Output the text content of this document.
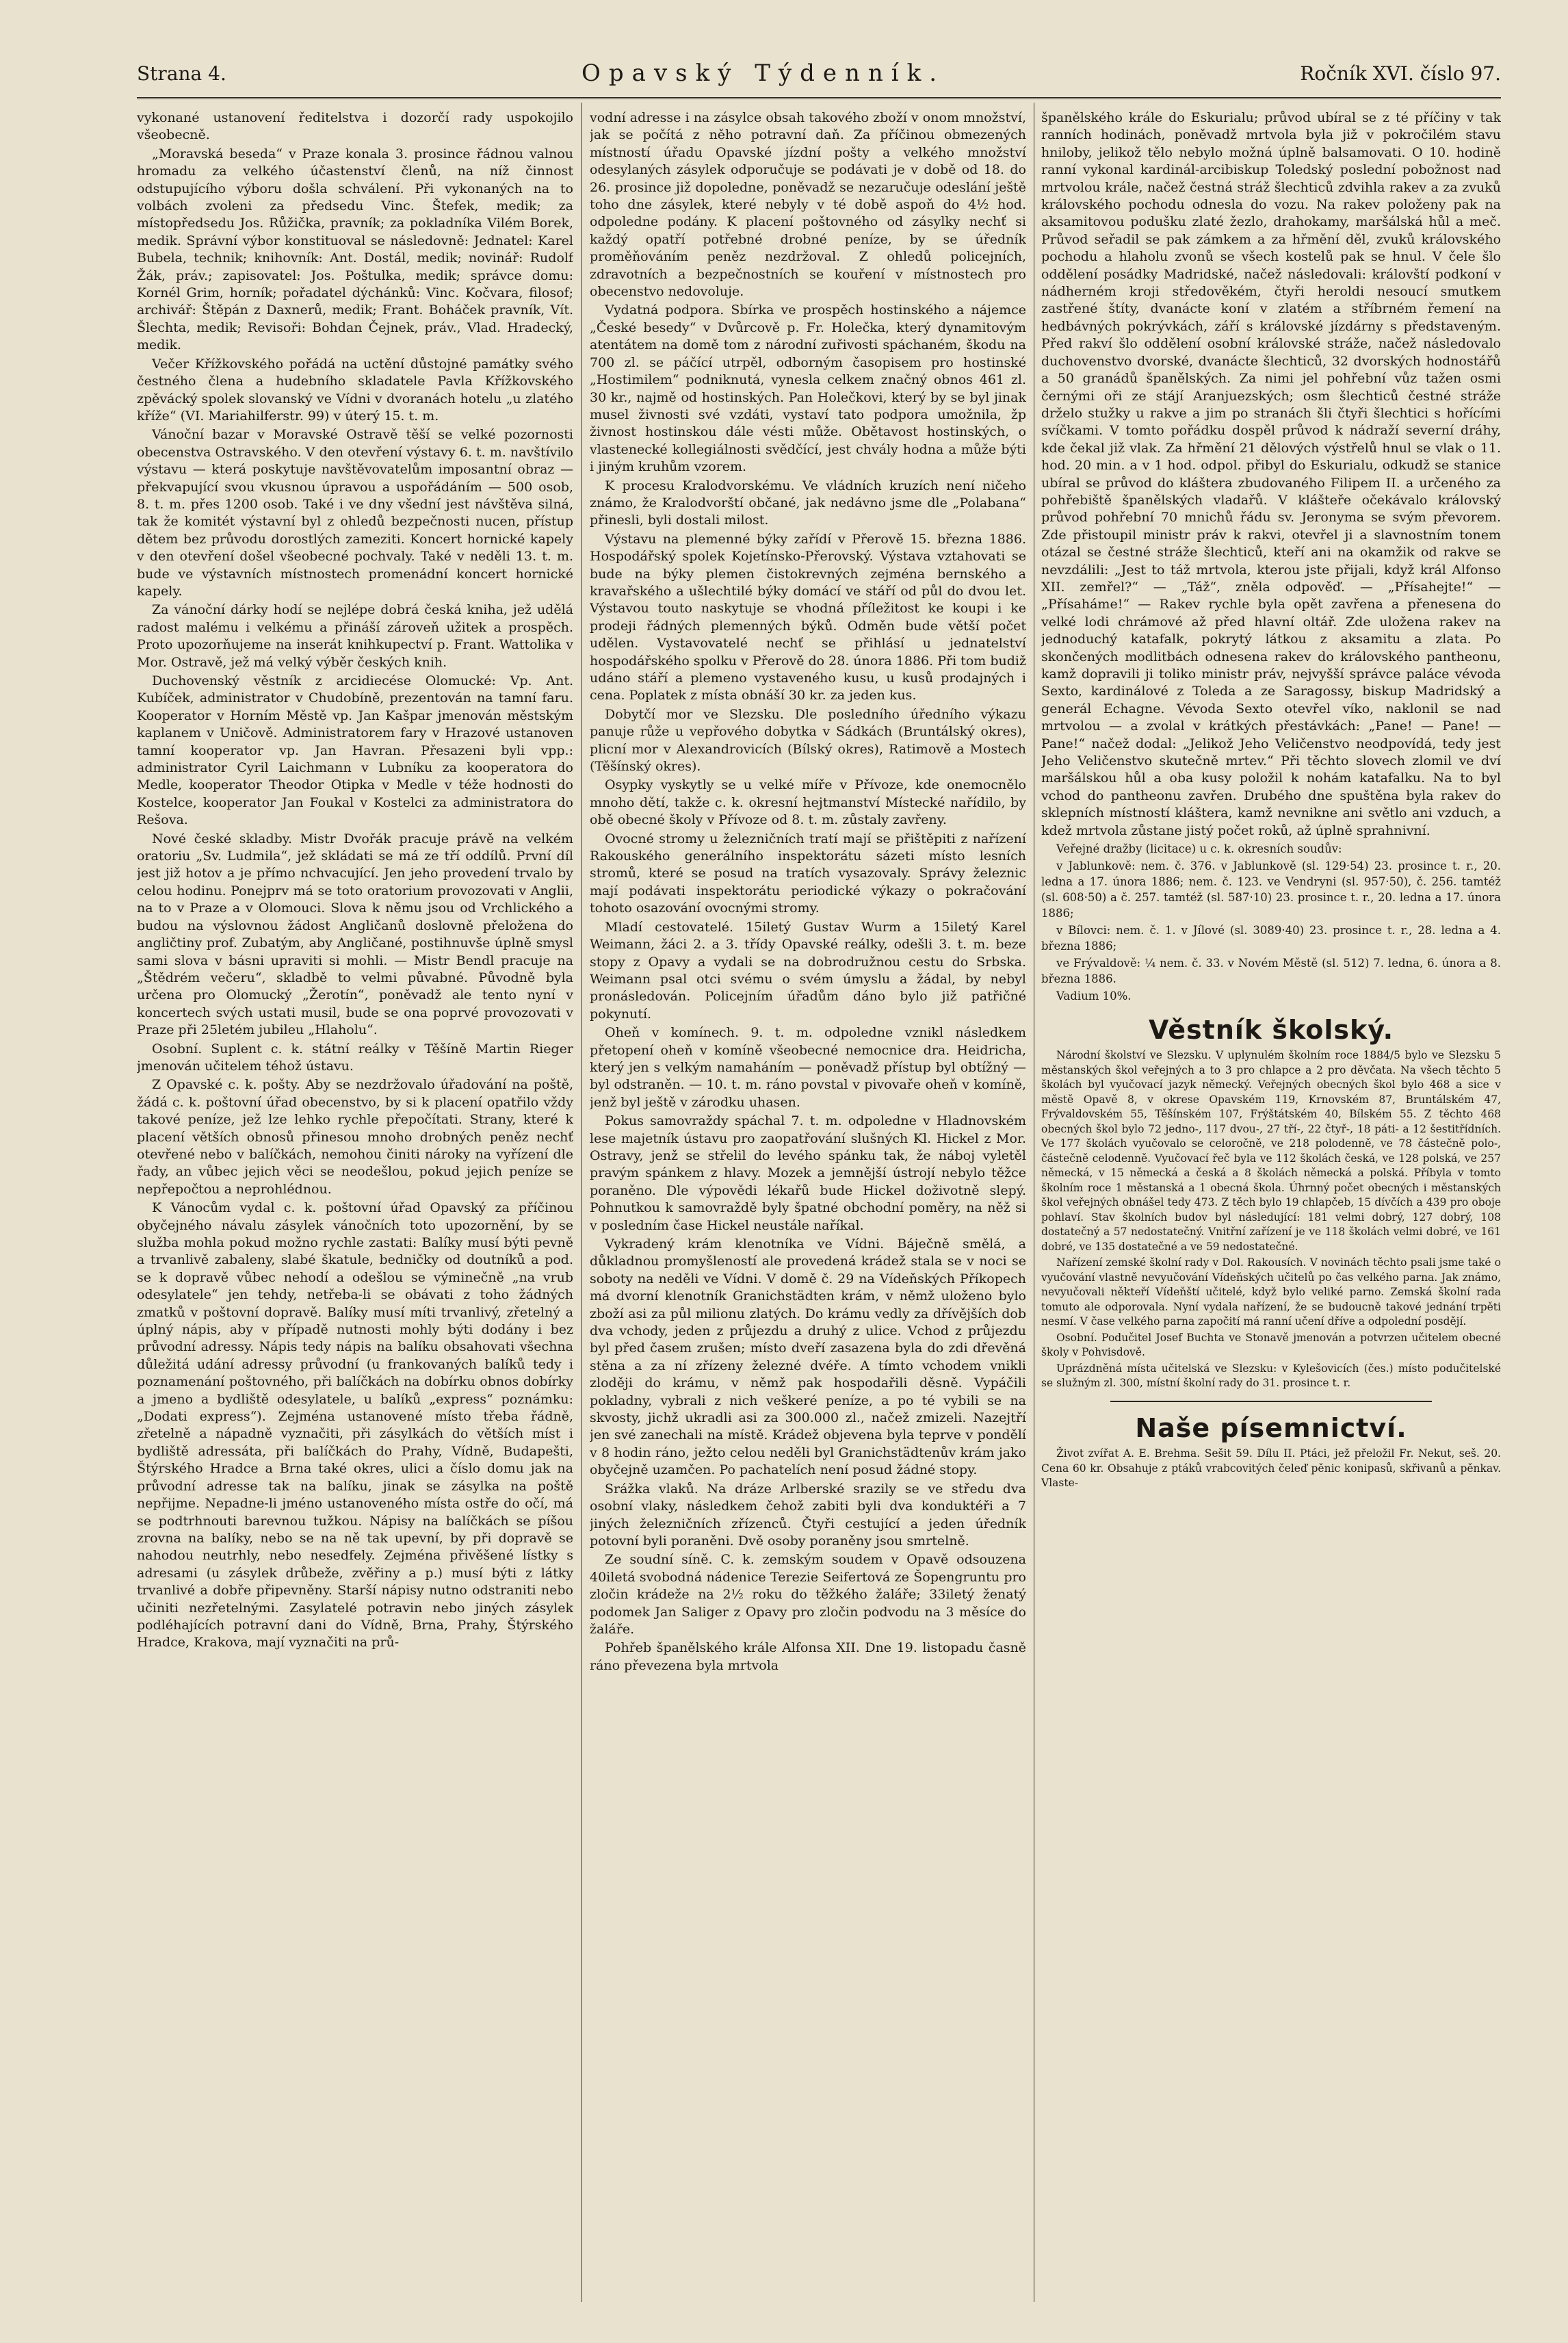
Strana 4.	Opavský Týdenník.	Ročník XVI. číslo 97.

vykonané ustanovení ředitelstva i dozorčí rady uspokojilo všeobecně.

„Moravská beseda“ v Praze konala 3. prosince řádnou valnou hromadu za velkého účastenství členů, na níž činnost odstupujícího výboru došla schválení. Při vykonaných na to volbách zvoleni za předsedu Vinc. Štefek, medik; za místopředsedu Jos. Růžička, pravník; za pokladníka Vilém Borek, medik. Správní výbor konstituoval se následovně: Jednatel: Karel Bubela, technik; knihovník: Ant. Dostál, medik; novinář: Rudolf Žák, práv.; zapisovatel: Jos. Poštulka, medik; správce domu: Kornél Grim, horník; pořadatel dýchánků: Vinc. Kočvara, filosof; archivář: Štěpán z Daxnerů, medik; Frant. Boháček pravník, Vít. Šlechta, medik; Revisoři: Bohdan Čejnek, práv., Vlad. Hradecký, medik.

Večer Křížkovského pořádá na uctění důstojné památky svého čestného člena a hudebního skladatele Pavla Křížkovského zpěvácký spolek slovanský ve Vídni v dvoranách hotelu „u zlatého kříže“ (VI. Mariahilferstr. 99) v úterý 15. t. m.

Vánoční bazar v Moravské Ostravě těší se velké pozornosti obecenstva Ostravského. V den otevření výstavy 6. t. m. navštívilo výstavu — která poskytuje navštěvovatelům imposantní obraz — překvapující svou vkusnou úpravou a uspořádáním — 500 osob, 8. t. m. přes 1200 osob. Také i ve dny všední jest návštěva silná, tak že komitét výstavní byl z ohledů bezpečnosti nucen, přístup dětem bez průvodu dorostlých zameziti. Koncert hornické kapely v den otevření došel všeobecné pochvaly. Také v neděli 13. t. m. bude ve výstavních místnostech promenádní koncert hornické kapely.

Za vánoční dárky hodí se nejlépe dobrá česká kniha, jež udělá radost malému i velkému a přináší zároveň užitek a prospěch. Proto upozorňujeme na inserát knihkupectví p. Frant. Wattolika v Mor. Ostravě, jež má velký výběr českých knih.

Duchovenský věstník z arcidiecése Olomucké: Vp. Ant. Kubíček, administrator v Chudobíně, prezentován na tamní faru. Kooperator v Horním Městě vp. Jan Kašpar jmenován městským kaplanem v Uničově. Administratorem fary v Hrazové ustanoven tamní kooperator vp. Jan Havran. Přesazeni byli vpp.: administrator Cyril Laichmann v Lubníku za kooperatora do Medle, kooperator Theodor Otipka v Medle v téže hodnosti do Kostelce, kooperator Jan Foukal v Kostelci za administratora do Rešova.

Nové české skladby. Mistr Dvořák pracuje právě na velkém oratoriu „Sv. Ludmila“, jež skládati se má ze tří oddílů. První díl jest již hotov a je přímo nchvacující. Jen jeho provedení trvalo by celou hodinu. Ponejprv má se toto oratorium provozovati v Anglii, na to v Praze a v Olomouci. Slova k němu jsou od Vrchlického a budou na výslovnou žádost Angličanů doslovně přeložena do angličtiny prof. Zubatým, aby Angličané, postihnuvše úplně smysl sami slova v básni upraviti si mohli. — Mistr Bendl pracuje na „Štědrém večeru“, skladbě to velmi půvabné. Původně byla určena pro Olomucký „Žerotín“, poněvadž ale tento nyní v koncertech svých ustati musil, bude se ona poprvé provozovati v Praze při 25letém jubileu „Hlaholu“.

Osobní. Suplent c. k. státní reálky v Těšíně Martin Rieger jmenován učitelem téhož ústavu.

Z Opavské c. k. pošty. Aby se nezdržovalo úřadování na poště, žádá c. k. poštovní úřad obecenstvo, by si k placení opatřilo vždy takové peníze, jež lze lehko rychle přepočítati. Strany, které k placení větších obnosů přinesou mnoho drobných peněz nechť otevřené nebo v balíčkách, nemohou činiti nároky na vyřízení dle řady, an vůbec jejich věci se neodešlou, pokud jejich peníze se nepřepočtou a neprohlédnou.

K Vánocům vydal c. k. poštovní úřad Opavský za příčinou obyčejného návalu zásylek vánočních toto upozornění, by se služba mohla pokud možno rychle zastati: Balíky musí býti pevně a trvanlivě zabaleny, slabé škatule, bedničky od doutníků a pod. se k dopravě vůbec nehodí a odešlou se výminečně „na vrub odesylatele“ jen tehdy, netřeba-li se obávati z toho žádných zmatků v poštovní dopravě. Balíky musí míti trvanlivý, zřetelný a úplný nápis, aby v případě nutnosti mohly býti dodány i bez průvodní adressy. Nápis tedy nápis na balíku obsahovati všechna důležitá udání adressy průvodní (u frankovaných balíků tedy i poznamenání poštovného, při balíčkách na dobírku obnos dobírky a jmeno a bydliště odesylatele, u balíků „express“ poznámku: „Dodati express“). Zejména ustanovené místo třeba řádně, zřetelně a nápadně vyznačiti, při zásylkách do větších míst i bydliště adressáta, při balíčkách do Prahy, Vídně, Budapešti, Štýrského Hradce a Brna také okres, ulici a číslo domu jak na průvodní adresse tak na balíku, jinak se zásylka na poště nepřijme. Nepadne-li jméno ustanoveného místa ostře do očí, má se podtrhnouti barevnou tužkou. Nápisy na balíčkách se píšou zrovna na balíky, nebo se na ně tak upevní, by při dopravě se nahodou neutrhly, nebo nesedfely. Zejména přivěšené lístky s adresami (u zásylek drůbeže, zvěřiny a p.) musí býti z látky trvanlivé a dobře připevněny. Starší nápisy nutno odstraniti nebo učiniti nezřetelnými. Zasylatelé potravin nebo jiných zásylek podléhajících potravní dani do Vídně, Brna, Prahy, Štýrského Hradce, Krakova, mají vyznačiti na prů-

vodní adresse i na zásylce obsah takového zboží v onom množství, jak se počítá z něho potravní daň. Za příčinou obmezených místností úřadu Opavské jízdní pošty a velkého množství odesylaných zásylek odporučuje se podávati je v době od 18. do 26. prosince již dopoledne, poněvadž se nezaručuje odeslání ještě toho dne zásylek, které nebyly v té době aspoň do 4½ hod. odpoledne podány. K placení poštovného od zásylky nechť si každý opatří potřebné drobné peníze, by se úředník proměňováním peněz nezdržoval. Z ohledů policejních, zdravotních a bezpečnostních se kouření v místnostech pro obecenstvo nedovoluje.

Vydatná podpora. Sbírka ve prospěch hostinského a nájemce „České besedy“ v Dvůrcově p. Fr. Holečka, který dynamitovým atentátem na domě tom z národní zuřivosti spáchaném, škodu na 700 zl. se páčící utrpěl, odborným časopisem pro hostinské „Hostimilem“ podniknutá, vynesla celkem značný obnos 461 zl. 30 kr., najmě od hostinských. Pan Holečkovi, který by se byl jinak musel živnosti své vzdáti, vystaví tato podpora umožnila, žp živnost hostinskou dále vésti může. Obětavost hostinských, o vlastenecké kollegiálnosti svědčící, jest chvály hodna a může býti i jiným kruhům vzorem.

K procesu Kralodvorskému. Ve vládních kruzích není ničeho známo, že Kralodvorští občané, jak nedávno jsme dle „Polabana“ přinesli, byli dostali milost.

Výstavu na plemenné býky zařídí v Přerově 15. března 1886. Hospodářský spolek Kojetínsko-Přerovský. Výstava vztahovati se bude na býky plemen čistokrevných zejména bernského a kravařského a ušlechtilé býky domácí ve stáří od půl do dvou let. Výstavou touto naskytuje se vhodná příležitost ke koupi i ke prodeji řádných plemenných býků. Odměn bude větší počet udělen. Vystavovatelé nechť se přihlásí u jednatelství hospodářského spolku v Přerově do 28. února 1886. Při tom budiž udáno stáří a plemeno vystaveného kusu, u kusů prodajných i cena. Poplatek z místa obnáší 30 kr. za jeden kus.

Dobytčí mor ve Slezsku. Dle posledního úředního výkazu panuje růže u vepřového dobytka v Sádkách (Bruntálský okres), plicní mor v Alexandrovicích (Bílský okres), Ratimově a Mostech (Těšínský okres).

Osypky vyskytly se u velké míře v Přívoze, kde onemocnělo mnoho dětí, takže c. k. okresní hejtmanství Místecké nařídilo, by obě obecné školy v Přívoze od 8. t. m. zůstaly zavřeny.

Ovocné stromy u železničních tratí mají se přištěpiti z nařízení Rakouského generálního inspektorátu sázeti místo lesních stromů, které se posud na tratích vysazovaly. Správy železnic mají podávati inspektorátu periodické výkazy o pokračování tohoto osazování ovocnými stromy.

Mladí cestovatelé. 15iletý Gustav Wurm a 15iletý Karel Weimann, žáci 2. a 3. třídy Opavské reálky, odešli 3. t. m. beze stopy z Opavy a vydali se na dobrodružnou cestu do Srbska. Weimann psal otci svému o svém úmyslu a žádal, by nebyl pronásledován. Policejním úřadům dáno bylo již patřičné pokynutí.

Oheň v komínech. 9. t. m. odpoledne vznikl následkem přetopení oheň v komíně všeobecné nemocnice dra. Heidricha, který jen s velkým namaháním — poněvadž přístup byl obtížný — byl odstraněn. — 10. t. m. ráno povstal v pivovaře oheň v komíně, jenž byl ještě v zárodku uhasen.

Pokus samovraždy spáchal 7. t. m. odpoledne v Hladnovském lese majetník ústavu pro zaopatřování slušných Kl. Hickel z Mor. Ostravy, jenž se střelil do levého spánku tak, že náboj vyletěl pravým spánkem z hlavy. Mozek a jemnější ústrojí nebylo těžce poraněno. Dle výpovědi lékařů bude Hickel doživotně slepý. Pohnutkou k samovraždě byly špatné obchodní poměry, na něž si v posledním čase Hickel neustále naříkal.

Vykradený krám klenotníka ve Vídni. Báječně smělá, a důkladnou promyšleností ale provedená krádež stala se v noci se soboty na neděli ve Vídni. V domě č. 29 na Vídeňských Příkopech má dvorní klenotník Granichstädten krám, v němž uloženo bylo zboží asi za půl milionu zlatých. Do krámu vedly za dřívějších dob dva vchody, jeden z průjezdu a druhý z ulice. Vchod z průjezdu byl před časem zrušen; místo dveří zasazena byla do zdi dřevěná stěna a za ní zřízeny železné dvéře. A tímto vchodem vnikli zloději do krámu, v němž pak hospodařili děsně. Vypáčili pokladny, vybrali z nich veškeré peníze, a po té vybili se na skvosty, jichž ukradli asi za 300.000 zl., načež zmizeli. Nazejtří jen své zanechali na místě. Krádež objevena byla teprve v pondělí v 8 hodin ráno, ježto celou neděli byl Granichstädtenův krám jako obyčejně uzamčen. Po pachatelích není posud žádné stopy.

Srážka vlaků. Na dráze Arlberské srazily se ve středu dva osobní vlaky, následkem čehož zabiti byli dva konduktéři a 7 jiných železničních zřízenců. Čtyři cestující a jeden úředník potovní byli poraněni. Dvě osoby poraněny jsou smrtelně.

Ze soudní síně. C. k. zemským soudem v Opavě odsouzena 40iletá svobodná nádenice Terezie Seifertová ze Šopengruntu pro zločin krádeže na 2½ roku do těžkého žaláře; 33iletý ženatý podomek Jan Saliger z Opavy pro zločin podvodu na 3 měsíce do žaláře.

Pohřeb španělského krále Alfonsa XII. Dne 19. listopadu časně ráno převezena byla mrtvola

španělského krále do Eskurialu; průvod ubíral se z té příčiny v tak ranních hodinách, poněvadž mrtvola byla již v pokročilém stavu hniloby, jelikož tělo nebylo možná úplně balsamovati. O 10. hodině ranní vykonal kardinál-arcibiskup Toledský poslední pobožnost nad mrtvolou krále, načež čestná stráž šlechticů zdvihla rakev a za zvuků královského pochodu odnesla do vozu. Na rakev položeny pak na aksamitovou podušku zlaté žezlo, drahokamy, maršálská hůl a meč. Průvod seřadil se pak zámkem a za hřmění děl, zvuků královského pochodu a hlaholu zvonů se všech kostelů pak se hnul. V čele šlo oddělení posádky Madridské, načež následovali: královští podkoní v nádherném kroji středověkém, čtyři heroldi nesoucí smutkem zastřené štíty, dvanácte koní v zlatém a stříbrném řemení na hedbávných pokrývkách, září s královské jízdárny s představeným. Před rakví šlo oddělení osobní královské stráže, načež následovalo duchovenstvo dvorské, dvanácte šlechticů, 32 dvorských hodnostářů a 50 granádů španělských. Za nimi jel pohřební vůz tažen osmi černými oři ze stájí Aranjuezských; osm šlechticů čestné stráže drželo stužky u rakve a jim po stranách šli čtyři šlechtici s hořícími svíčkami. V tomto pořádku dospěl průvod k nádraží severní dráhy, kde čekal již vlak. Za hřmění 21 dělových výstřelů hnul se vlak o 11. hod. 20 min. a v 1 hod. odpol. přibyl do Eskurialu, odkudž se stanice ubíral se průvod do kláštera zbudovaného Filipem II. a určeného za pohřebiště španělských vladařů. V klášteře očekávalo královský průvod pohřební 70 mnichů řádu sv. Jeronyma se svým převorem. Zde přistoupil ministr práv k rakvi, otevřel ji a slavnostním tonem otázal se čestné stráže šlechticů, kteří ani na okamžik od rakve se nevzdálili: „Jest to táž mrtvola, kterou jste přijali, když král Alfonso XII. zemřel?“ — „Táž“, zněla odpověď. — „Přísahejte!“ — „Přísaháme!“ — Rakev rychle byla opět zavřena a přenesena do velké lodi chrámové až před hlavní oltář. Zde uložena rakev na jednoduchý katafalk, pokrytý látkou z aksamitu a zlata. Po skončených modlitbách odnesena rakev do královského pantheonu, kamž dopravili ji toliko ministr práv, nejvyšší správce paláce vévoda Sexto, kardinálové z Toleda a ze Saragossy, biskup Madridský a generál Echagne. Vévoda Sexto otevřel víko, naklonil se nad mrtvolou — a zvolal v krátkých přestávkách: „Pane! — Pane! — Pane!“ načež dodal: „Jelikož Jeho Veličenstvo neodpovídá, tedy jest Jeho Veličenstvo skutečně mrtev.“ Při těchto slovech zlomil ve dví maršálskou hůl a oba kusy položil k nohám katafalku. Na to byl vchod do pantheonu zavřen. Drubého dne spuštěna byla rakev do sklepních místností kláštera, kamž nevnikne ani světlo ani vzduch, a kdež mrtvola zůstane jistý počet roků, až úplně sprahnivní.

Veřejné dražby (licitace) u c. k. okresních soudův:

v Jablunkově: nem. č. 376. v Jablunkově (sl. 129·54) 23. prosince t. r., 20. ledna a 17. února 1886; nem. č. 123. ve Vendryni (sl. 957·50), č. 256. tamtéž (sl. 608·50) a č. 257. tamtéž (sl. 587·10) 23. prosince t. r., 20. ledna a 17. února 1886;

v Bílovci: nem. č. 1. v Jílové (sl. 3089·40) 23. prosince t. r., 28. ledna a 4. března 1886;

ve Frývaldově: ¼ nem. č. 33. v Novém Městě (sl. 512) 7. ledna, 6. února a 8. března 1886.

Vadium 10%.

Věstník školský.

Národní školství ve Slezsku. V uplynulém školním roce 1884/5 bylo ve Slezsku 5 městanských škol veřejných a to 3 pro chlapce a 2 pro děvčata. Na všech těchto 5 školách byl vyučovací jazyk německý. Veřejných obecných škol bylo 468 a sice v městě Opavě 8, v okrese Opavském 119, Krnovském 87, Bruntálském 47, Frývaldovském 55, Těšínském 107, Frýštátském 40, Bílském 55. Z těchto 468 obecných škol bylo 72 jedno-, 117 dvou-, 27 tří-, 22 čtyř-, 18 páti- a 12 šestitřídních. Ve 177 školách vyučovalo se celoročně, ve 218 polodenně, ve 78 částečně polo-, částečně celodenně. Vyučovací řeč byla ve 112 školách česká, ve 128 polská, ve 257 německá, v 15 německá a česká a 8 školách německá a polská. Příbyla v tomto školním roce 1 městanská a 1 obecná škola. Úhrnný počet obecných i městanských škol veřejných obnášel tedy 473. Z těch bylo 19 chlapčeb, 15 dívčích a 439 pro oboje pohlaví. Stav školních budov byl následující: 181 velmi dobrý, 127 dobrý, 108 dostatečný a 57 nedostatečný. Vnitřní zařízení je ve 118 školách velmi dobré, ve 161 dobré, ve 135 dostatečné a ve 59 nedostatečné.

Nařízení zemské školní rady v Dol. Rakousích. V novinách těchto psali jsme také o vyučování vlastně nevyučování Vídeňských učitelů po čas velkého parna. Jak známo, nevyučovali někteří Vídeňští učitelé, když bylo veliké parno. Zemská školní rada tomuto ale odporovala. Nyní vydala nařízení, že se budoucně takové jednání trpěti nesmí. V čase velkého parna započití má ranní učení dříve a odpolední posdějí.

Osobní. Podučitel Josef Buchta ve Stonavě jmenován a potvrzen učitelem obecné školy v Pohvisdově.

Uprázdněná místa učitelská ve Slezsku: v Kylešovicích (čes.) místo podučitelské se služným zl. 300, místní školní rady do 31. prosince t. r.

Naše písemnictví.

Život zvířat A. E. Brehma. Sešit 59. Dílu II. Ptáci, jež přeložil Fr. Nekut, seš. 20. Cena 60 kr. Obsahuje z ptáků vrabcovitých čeleď pěnic konipasů, skřivanů a pěnkav. Vlaste-
